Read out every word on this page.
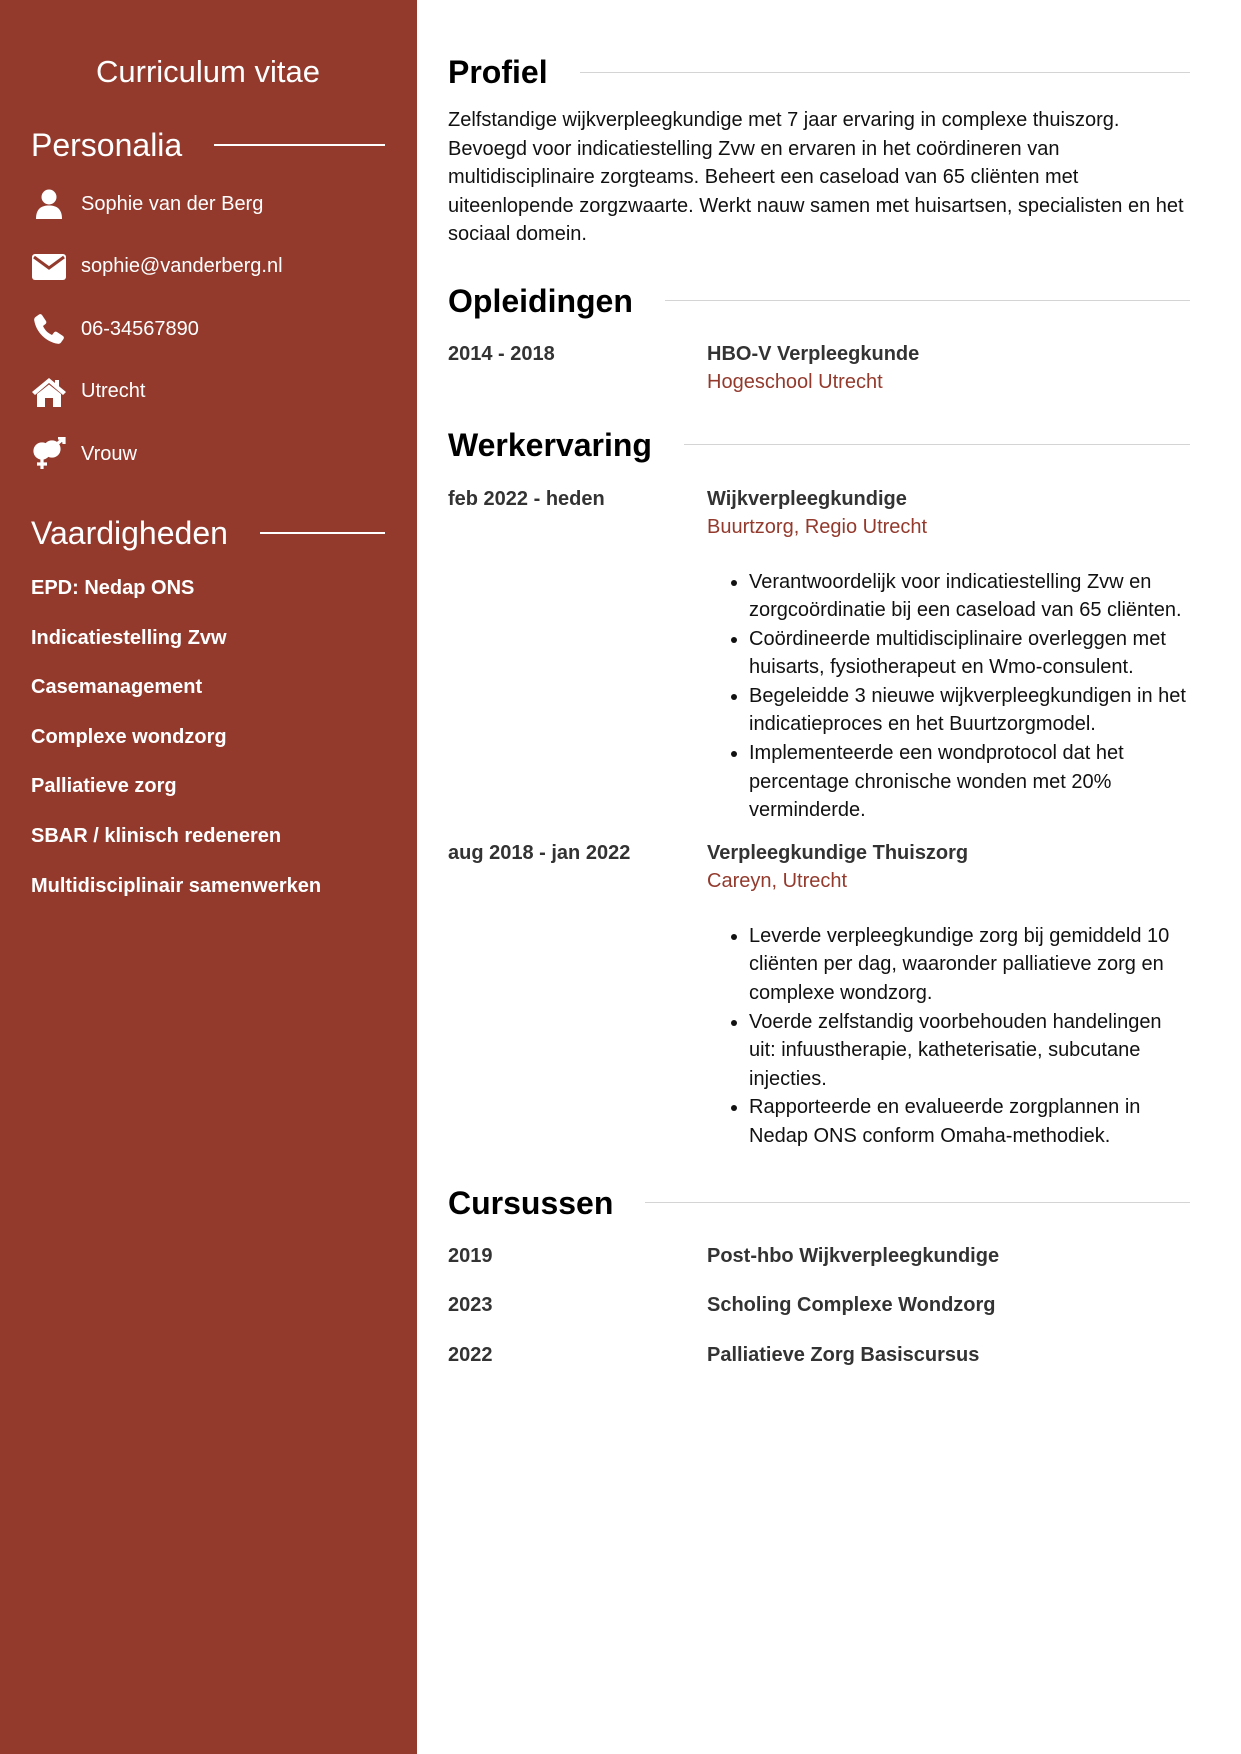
Curriculum vitae
Personalia
Sophie van der Berg
sophie@vanderberg.nl
06-34567890
Utrecht
Vrouw
Vaardigheden
EPD: Nedap ONS
Indicatiestelling Zvw
Casemanagement
Complexe wondzorg
Palliatieve zorg
SBAR / klinisch redeneren
Multidisciplinair samenwerken
Profiel

Zelfstandige wijkverpleegkundige met 7 jaar ervaring in complexe thuiszorg. Bevoegd voor indicatiestelling Zvw en ervaren in het coördineren van multidisciplinaire zorgteams. Beheert een caseload van 65 cliënten met uiteenlopende zorgzwaarte. Werkt nauw samen met huisartsen, specialisten en het sociaal domein.

Opleidingen
2014 - 2018	HBO-V Verpleegkunde
Hogeschool Utrecht
Werkervaring
feb 2022 - heden	Wijkverpleegkundige
Buurtzorg, Regio Utrecht
• Verantwoordelijk voor indicatiestelling Zvw en zorgcoördinatie bij een caseload van 65 cliënten.
• Coördineerde multidisciplinaire overleggen met huisarts, fysiotherapeut en Wmo-consulent.
• Begeleidde 3 nieuwe wijkverpleegkundigen in het indicatieproces en het Buurtzorgmodel.
• Implementeerde een wondprotocol dat het percentage chronische wonden met 20% verminderde.
aug 2018 - jan 2022	Verpleegkundige Thuiszorg
Careyn, Utrecht
• Leverde verpleegkundige zorg bij gemiddeld 10 cliënten per dag, waaronder palliatieve zorg en complexe wondzorg.
• Voerde zelfstandig voorbehouden handelingen uit: infuustherapie, katheterisatie, subcutane injecties.
• Rapporteerde en evalueerde zorgplannen in Nedap ONS conform Omaha-methodiek.
Cursussen
2019	Post-hbo Wijkverpleegkundige
2023	Scholing Complexe Wondzorg
2022	Palliatieve Zorg Basiscursus
